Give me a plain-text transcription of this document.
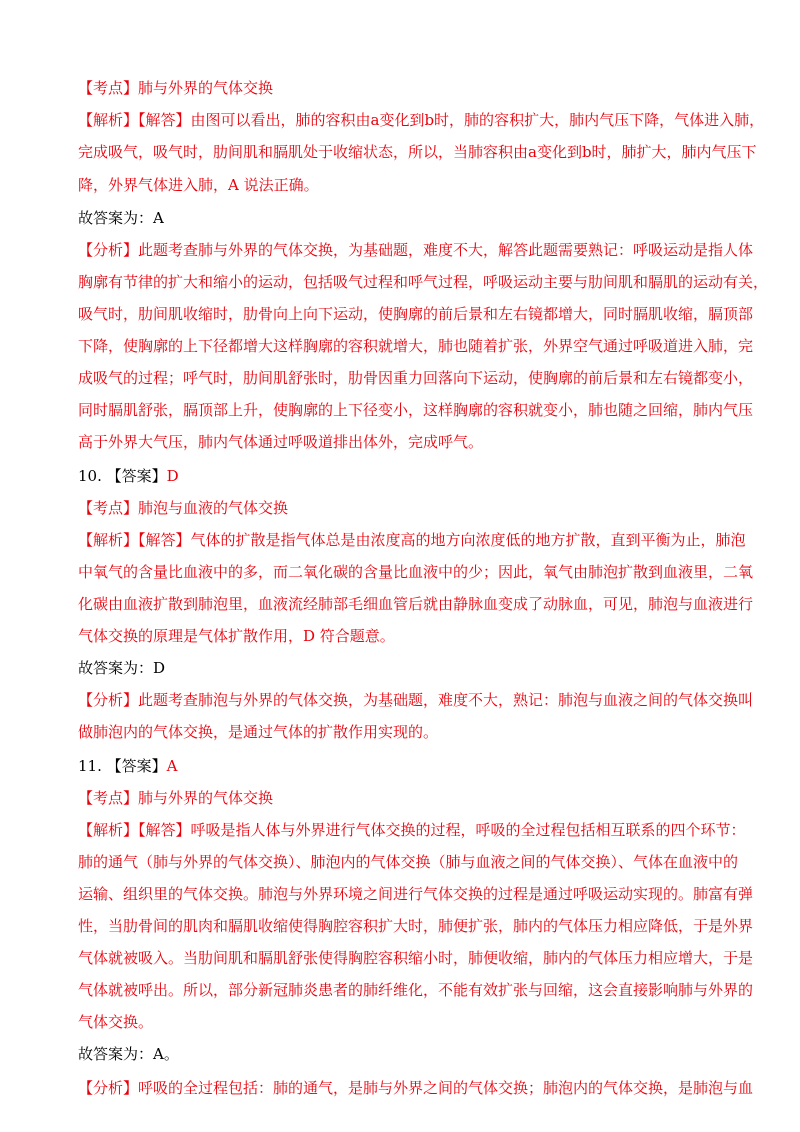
【考点】肺与外界的气体交换
【解析】【解答】由图可以看出，肺的容积由a变化到b时，肺的容积扩大，肺内气压下降，气体进入肺，
完成吸气，吸气时，肋间肌和膈肌处于收缩状态，所以，当肺容积由a变化到b时，肺扩大，肺内气压下
降，外界气体进入肺，A 说法正确。
故答案为：A
【分析】此题考查肺与外界的气体交换，为基础题，难度不大，解答此题需要熟记：呼吸运动是指人体
胸廓有节律的扩大和缩小的运动，包括吸气过程和呼气过程，呼吸运动主要与肋间肌和膈肌的运动有关，
吸气时，肋间肌收缩时，肋骨向上向下运动，使胸廓的前后景和左右镜都增大，同时膈肌收缩，膈顶部
下降，使胸廓的上下径都增大这样胸廓的容积就增大，肺也随着扩张，外界空气通过呼吸道进入肺，完
成吸气的过程；呼气时，肋间肌舒张时，肋骨因重力回落向下运动，使胸廓的前后景和左右镜都变小，
同时膈肌舒张，膈顶部上升，使胸廓的上下径变小，这样胸廓的容积就变小，肺也随之回缩，肺内气压
高于外界大气压，肺内气体通过呼吸道排出体外，完成呼气。
10. 【答案】D
【考点】肺泡与血液的气体交换
【解析】【解答】气体的扩散是指气体总是由浓度高的地方向浓度低的地方扩散，直到平衡为止，肺泡
中氧气的含量比血液中的多，而二氧化碳的含量比血液中的少；因此，氧气由肺泡扩散到血液里，二氧
化碳由血液扩散到肺泡里，血液流经肺部毛细血管后就由静脉血变成了动脉血，可见，肺泡与血液进行
气体交换的原理是气体扩散作用，D 符合题意。
故答案为：D
【分析】此题考查肺泡与外界的气体交换，为基础题，难度不大，熟记：肺泡与血液之间的气体交换叫
做肺泡内的气体交换，是通过气体的扩散作用实现的。
11. 【答案】A
【考点】肺与外界的气体交换
【解析】【解答】呼吸是指人体与外界进行气体交换的过程，呼吸的全过程包括相互联系的四个环节：
肺的通气（肺与外界的气体交换）、肺泡内的气体交换（肺与血液之间的气体交换）、气体在血液中的
运输、组织里的气体交换。肺泡与外界环境之间进行气体交换的过程是通过呼吸运动实现的。肺富有弹
性，当肋骨间的肌肉和膈肌收缩使得胸腔容积扩大时，肺便扩张，肺内的气体压力相应降低，于是外界
气体就被吸入。当肋间肌和膈肌舒张使得胸腔容积缩小时，肺便收缩，肺内的气体压力相应增大，于是
气体就被呼出。所以，部分新冠肺炎患者的肺纤维化，不能有效扩张与回缩，这会直接影响肺与外界的
气体交换。
故答案为：A。
【分析】呼吸的全过程包括：肺的通气，是肺与外界之间的气体交换；肺泡内的气体交换，是肺泡与血
